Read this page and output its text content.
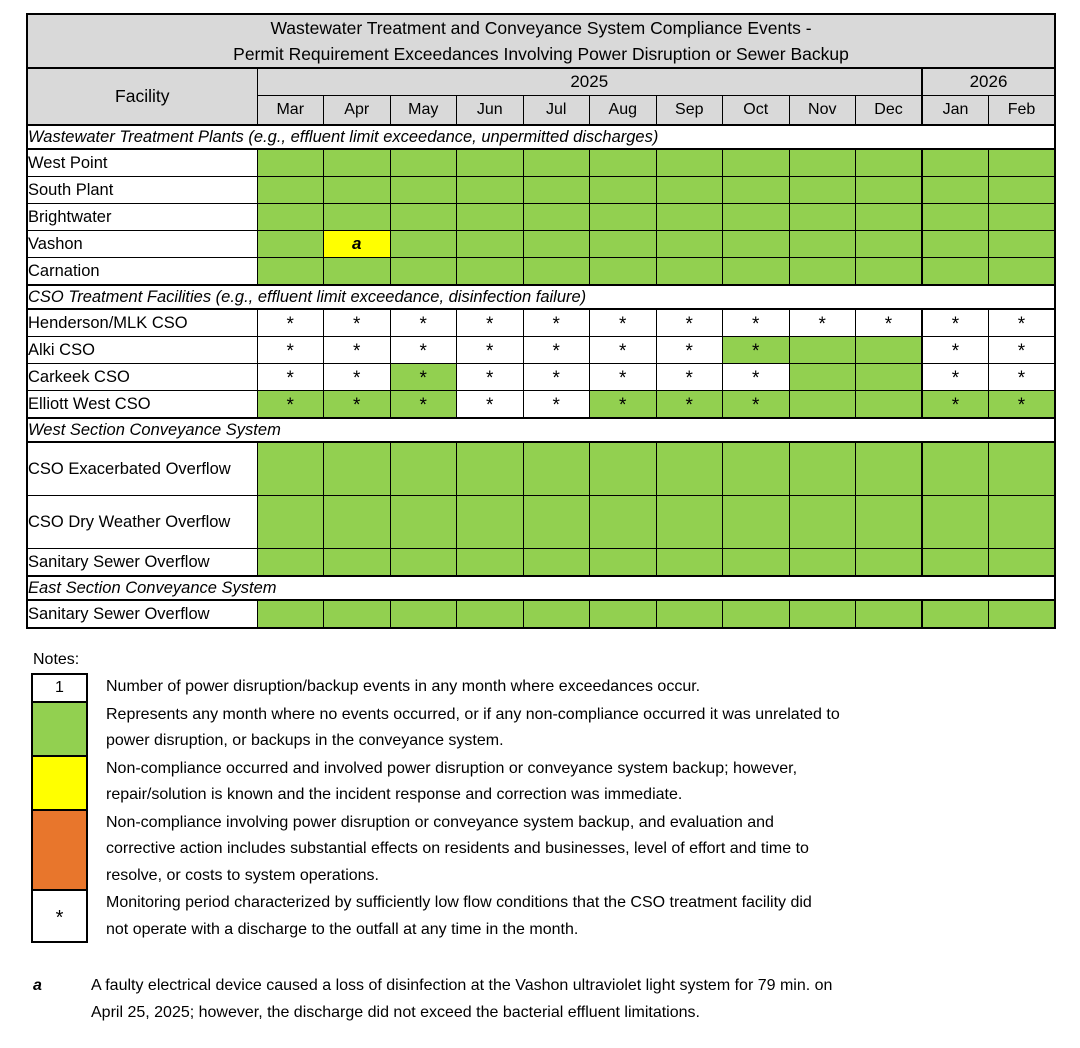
Wastewater Treatment and Conveyance System Compliance Events -
Permit Requirement Exceedances Involving Power Disruption or Sewer Backup												

Facility	2025										2026	
	Mar	Apr	May	Jun	Jul	Aug	Sep	Oct	Nov	Dec	Jan	Feb
Wastewater Treatment Plants (e.g., effluent limit exceedance, unpermitted discharges)												
West Point												
South Plant												
Brightwater												
Vashon		a										
Carnation												
CSO Treatment Facilities (e.g., effluent limit exceedance, disinfection failure)												
Henderson/MLK CSO	*	*	*	*	*	*	*	*	*	*	*	*
Alki CSO	*	*	*	*	*	*	*	*			*	*
Carkeek CSO	*	*	*	*	*	*	*	*			*	*
Elliott West CSO	*	*	*	*	*	*	*	*			*	*
West Section Conveyance System												
CSO Exacerbated Overflow												
CSO Dry Weather Overflow												
Sanitary Sewer Overflow												
East Section Conveyance System												
Sanitary Sewer Overflow												
Notes:
1	Number of power disruption/backup events in any month where exceedances occur.
Represents any month where no events occurred, or if any non-compliance occurred it was unrelated to
power disruption, or backups in the conveyance system.
Non-compliance occurred and involved power disruption or conveyance system backup; however,
repair/solution is known and the incident response and correction was immediate.
Non-compliance involving power disruption or conveyance system backup, and evaluation and
corrective action includes substantial effects on residents and businesses, level of effort and time to
resolve, or costs to system operations.
*
Monitoring period characterized by sufficiently low flow conditions that the CSO treatment facility did
not operate with a discharge to the outfall at any time in the month.
a	A faulty electrical device caused a loss of disinfection at the Vashon ultraviolet light system for 79 min. on
April 25, 2025; however, the discharge did not exceed the bacterial effluent limitations.
